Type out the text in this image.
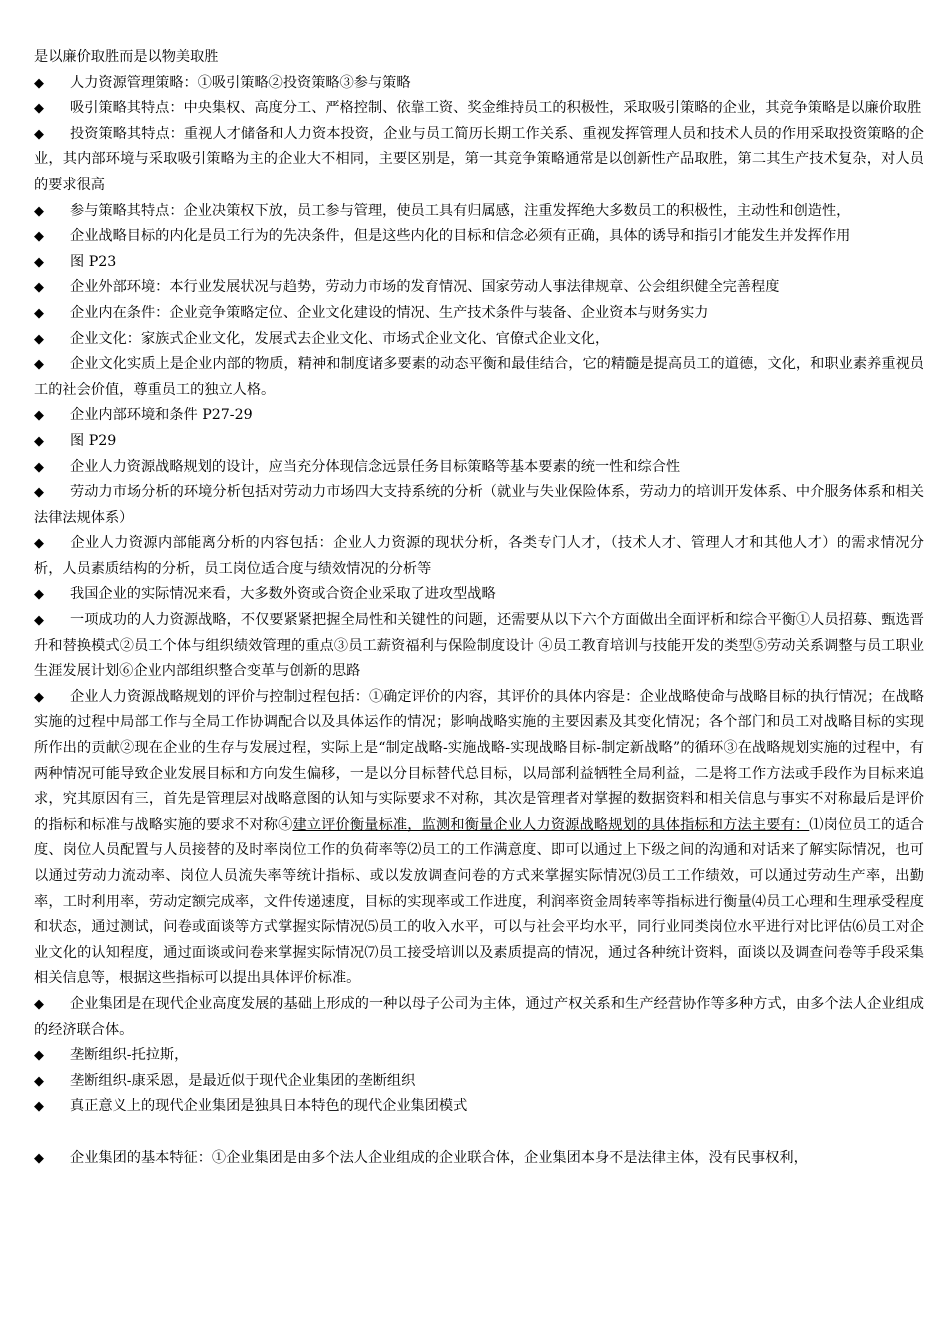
是以廉价取胜而是以物美取胜

◆ 人力资源管理策略：①吸引策略②投资策略③参与策略

◆ 吸引策略其特点：中央集权、高度分工、严格控制、依靠工资、奖金维持员工的积极性，采取吸引策略的企业，其竞争策略是以廉价取胜

◆ 投资策略其特点：重视人才储备和人力资本投资，企业与员工简历长期工作关系、重视发挥管理人员和技术人员的作用采取投资策略的企业，其内部环境与采取吸引策略为主的企业大不相同，主要区别是，第一其竞争策略通常是以创新性产品取胜，第二其生产技术复杂，对人员的要求很高

◆ 参与策略其特点：企业决策权下放，员工参与管理，使员工具有归属感，注重发挥绝大多数员工的积极性，主动性和创造性，

◆ 企业战略目标的内化是员工行为的先决条件，但是这些内化的目标和信念必须有正确，具体的诱导和指引才能发生并发挥作用

◆ 图 P23

◆ 企业外部环境：本行业发展状况与趋势，劳动力市场的发育情况、国家劳动人事法律规章、公会组织健全完善程度

◆ 企业内在条件：企业竞争策略定位、企业文化建设的情况、生产技术条件与装备、企业资本与财务实力

◆ 企业文化：家族式企业文化，发展式去企业文化、市场式企业文化、官僚式企业文化，

◆ 企业文化实质上是企业内部的物质，精神和制度诸多要素的动态平衡和最佳结合，它的精髓是提高员工的道德，文化，和职业素养重视员工的社会价值，尊重员工的独立人格。

◆ 企业内部环境和条件 P27-29

◆ 图 P29

◆ 企业人力资源战略规划的设计，应当充分体现信念远景任务目标策略等基本要素的统一性和综合性

◆ 劳动力市场分析的环境分析包括对劳动力市场四大支持系统的分析（就业与失业保险体系，劳动力的培训开发体系、中介服务体系和相关法律法规体系）

◆ 企业人力资源内部能离分析的内容包括：企业人力资源的现状分析，各类专门人才，（技术人才、管理人才和其他人才）的需求情况分析，人员素质结构的分析，员工岗位适合度与绩效情况的分析等

◆ 我国企业的实际情况来看，大多数外资或合资企业采取了进攻型战略

◆ 一项成功的人力资源战略，不仅要紧紧把握全局性和关键性的问题，还需要从以下六个方面做出全面评析和综合平衡①人员招募、甄选晋升和替换模式②员工个体与组织绩效管理的重点③员工薪资福利与保险制度设计 ④员工教育培训与技能开发的类型⑤劳动关系调整与员工职业生涯发展计划⑥企业内部组织整合变革与创新的思路

◆ 企业人力资源战略规划的评价与控制过程包括：①确定评价的内容，其评价的具体内容是：企业战略使命与战略目标的执行情况；在战略实施的过程中局部工作与全局工作协调配合以及具体运作的情况；影响战略实施的主要因素及其变化情况；各个部门和员工对战略目标的实现所作出的贡献②现在企业的生存与发展过程，实际上是“制定战略-实施战略-实现战略目标-制定新战略”的循环③在战略规划实施的过程中，有两种情况可能导致企业发展目标和方向发生偏移，一是以分目标替代总目标，以局部利益牺牲全局利益，二是将工作方法或手段作为目标来追求，究其原因有三，首先是管理层对战略意图的认知与实际要求不对称，其次是管理者对掌握的数据资料和相关信息与事实不对称最后是评价的指标和标准与战略实施的要求不对称④建立评价衡量标准，监测和衡量企业人力资源战略规划的具体指标和方法主要有：⑴岗位员工的适合度、岗位人员配置与人员接替的及时率岗位工作的负荷率等⑵员工的工作满意度、即可以通过上下级之间的沟通和对话来了解实际情况，也可以通过劳动力流动率、岗位人员流失率等统计指标、或以发放调查问卷的方式来掌握实际情况⑶员工工作绩效，可以通过劳动生产率，出勤率，工时利用率，劳动定额完成率，文件传递速度，目标的实现率或工作进度，利润率资金周转率等指标进行衡量⑷员工心理和生理承受程度和状态，通过测试，问卷或面谈等方式掌握实际情况⑸员工的收入水平，可以与社会平均水平，同行业同类岗位水平进行对比评估⑹员工对企业文化的认知程度，通过面谈或问卷来掌握实际情况⑺员工接受培训以及素质提高的情况，通过各种统计资料，面谈以及调查问卷等手段采集相关信息等，根据这些指标可以提出具体评价标准。

◆ 企业集团是在现代企业高度发展的基础上形成的一种以母子公司为主体，通过产权关系和生产经营协作等多种方式，由多个法人企业组成的经济联合体。

◆ 垄断组织-托拉斯，

◆ 垄断组织-康采恩，是最近似于现代企业集团的垄断组织

◆ 真正意义上的现代企业集团是独具日本特色的现代企业集团模式

◆ 企业集团的基本特征：①企业集团是由多个法人企业组成的企业联合体，企业集团本身不是法律主体，没有民事权利，
